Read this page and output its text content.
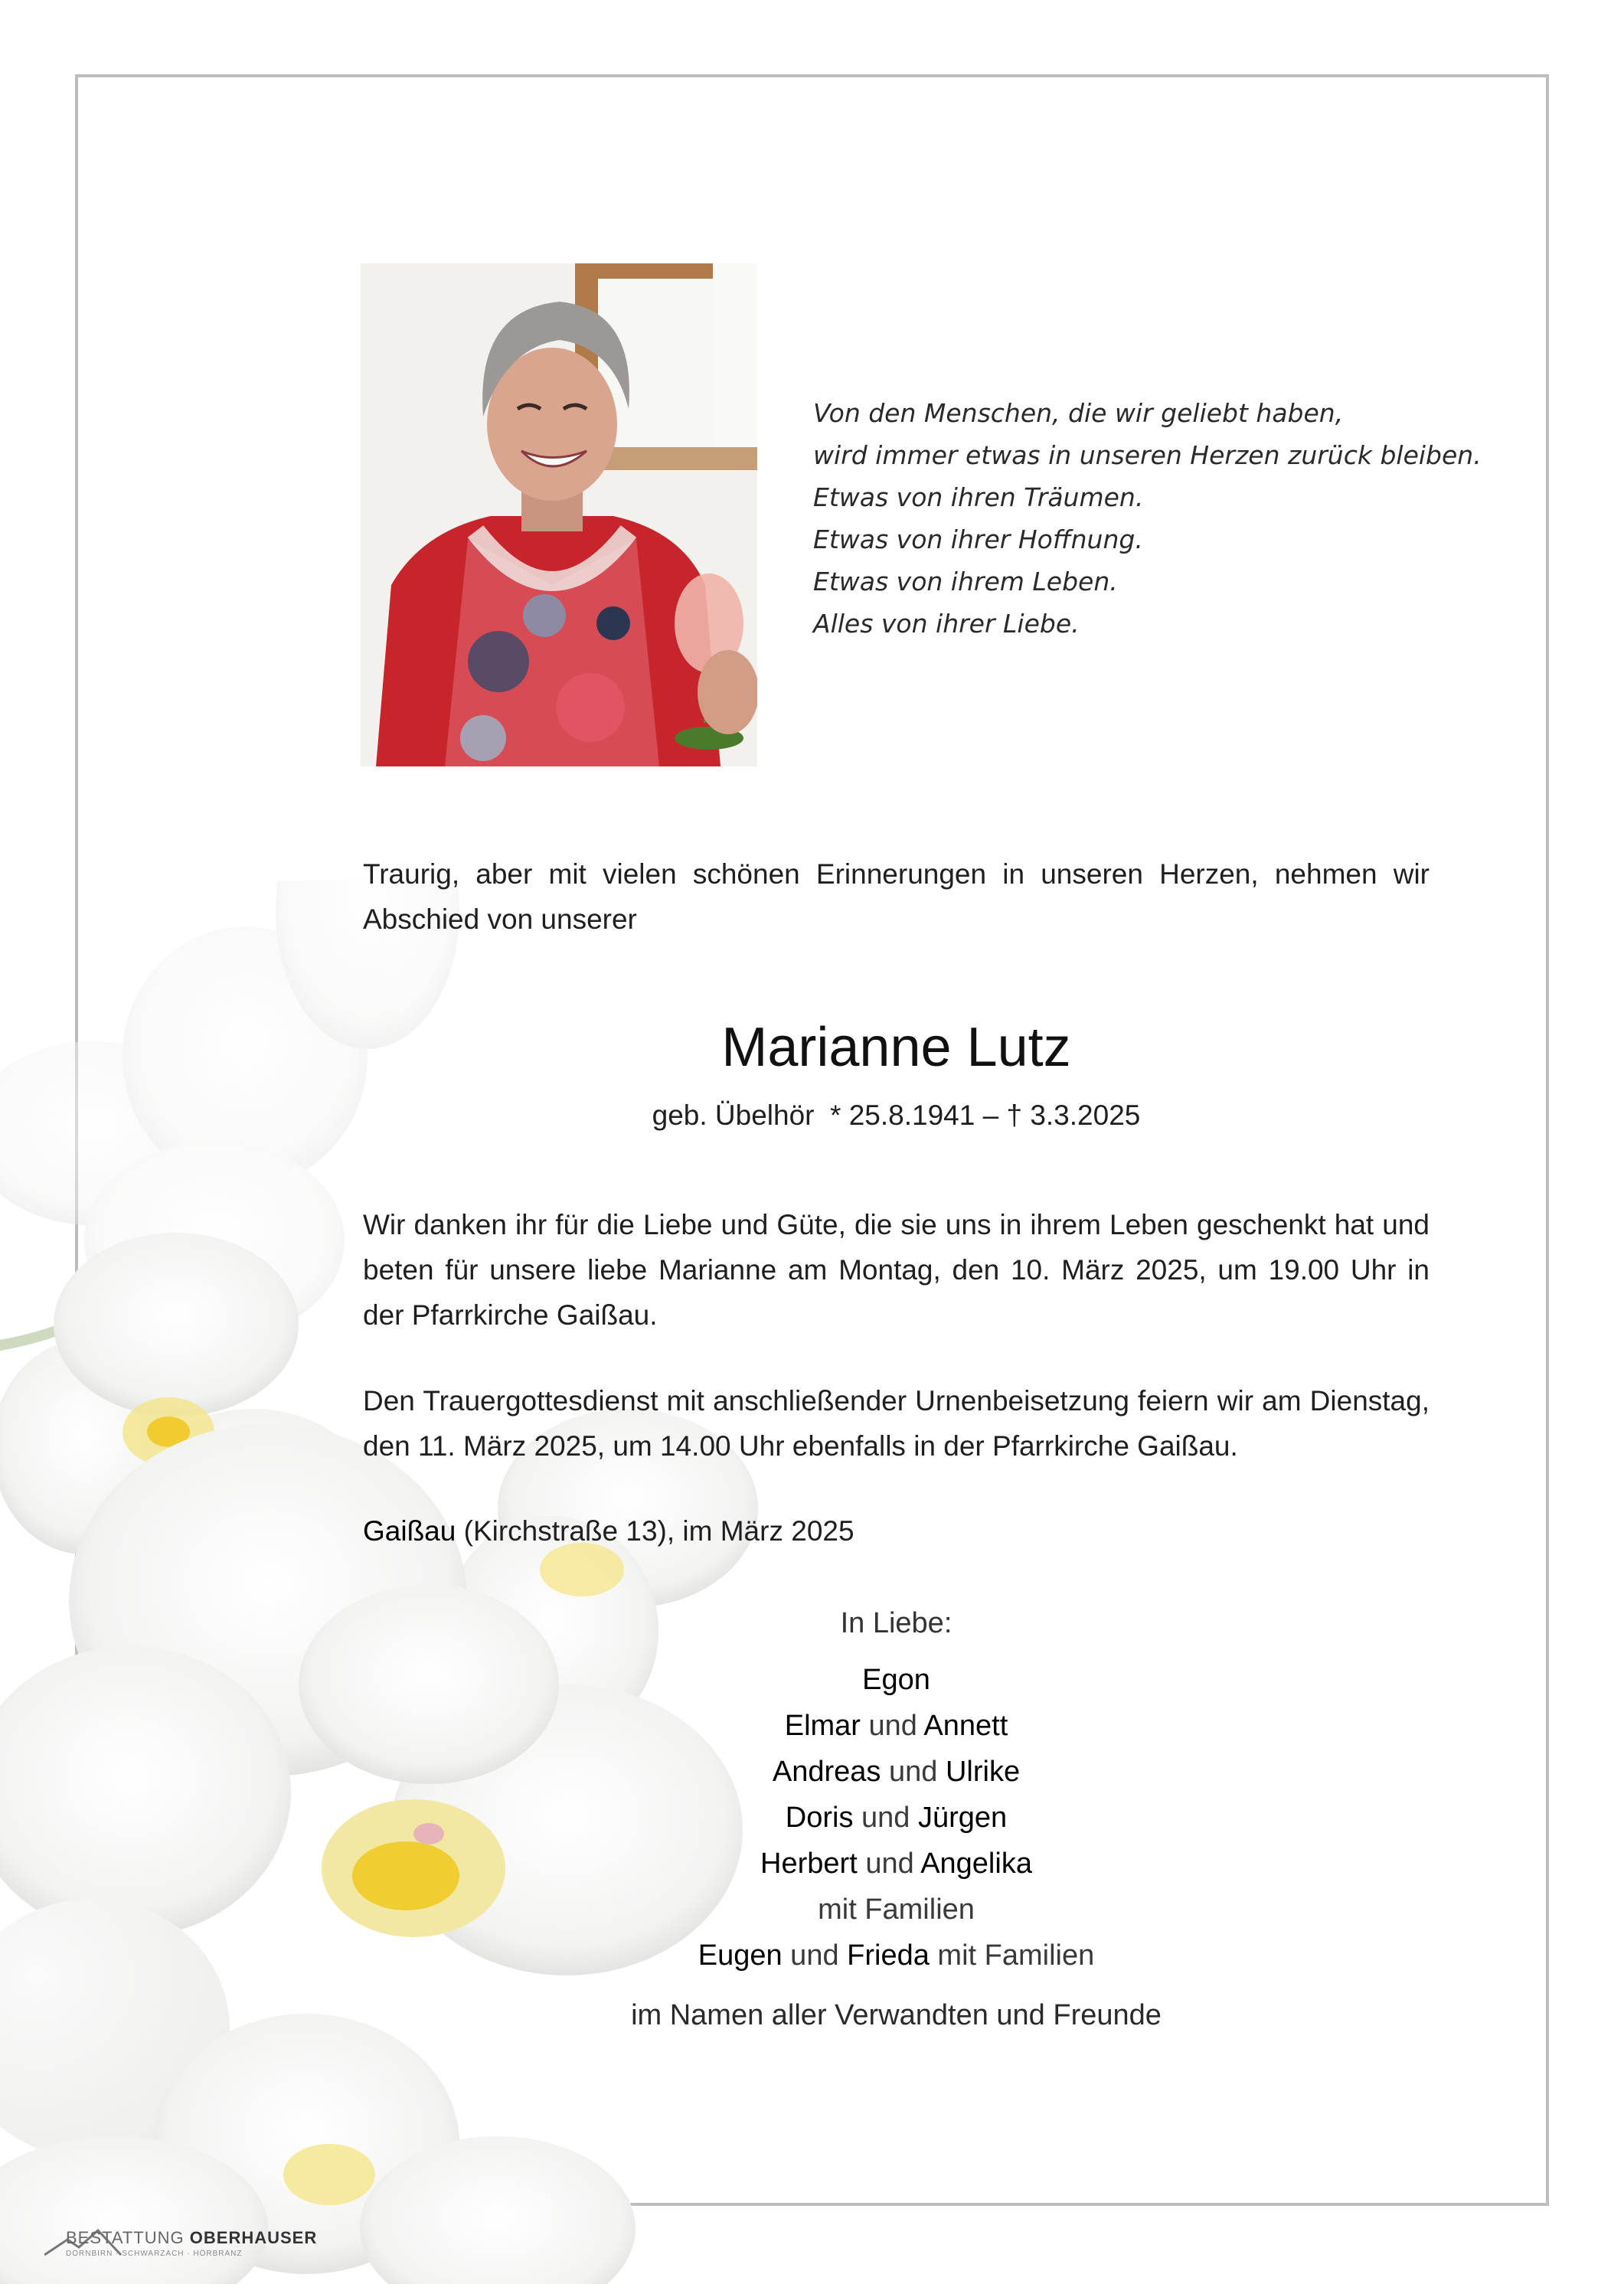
Von den Menschen, die wir geliebt haben,
wird immer etwas in unseren Herzen zurück bleiben.
Etwas von ihren Träumen.
Etwas von ihrer Hoffnung.
Etwas von ihrem Leben.
Alles von ihrer Liebe.
Traurig, aber mit vielen schönen Erinnerungen in unseren Herzen, nehmen wir Abschied von unserer
Marianne Lutz
geb. Übelhör  * 25.8.1941 – † 3.3.2025
Wir danken ihr für die Liebe und Güte, die sie uns in ihrem Leben geschenkt hat und beten für unsere liebe Marianne am Montag, den 10. März 2025, um 19.00 Uhr in der Pfarrkirche Gaißau.
Den Trauergottesdienst mit anschließender Urnenbeisetzung feiern wir am Dienstag, den 11. März 2025, um 14.00 Uhr ebenfalls in der Pfarrkirche Gaißau.
Gaißau (Kirchstraße 13), im März 2025
In Liebe:
Egon
Elmar und Annett
Andreas und Ulrike
Doris und Jürgen
Herbert und Angelika
mit Familien
Eugen und Frieda mit Familien
im Namen aller Verwandten und Freunde
BESTATTUNG OBERHAUSER
DORNBIRN · SCHWARZACH · HÖRBRANZ
